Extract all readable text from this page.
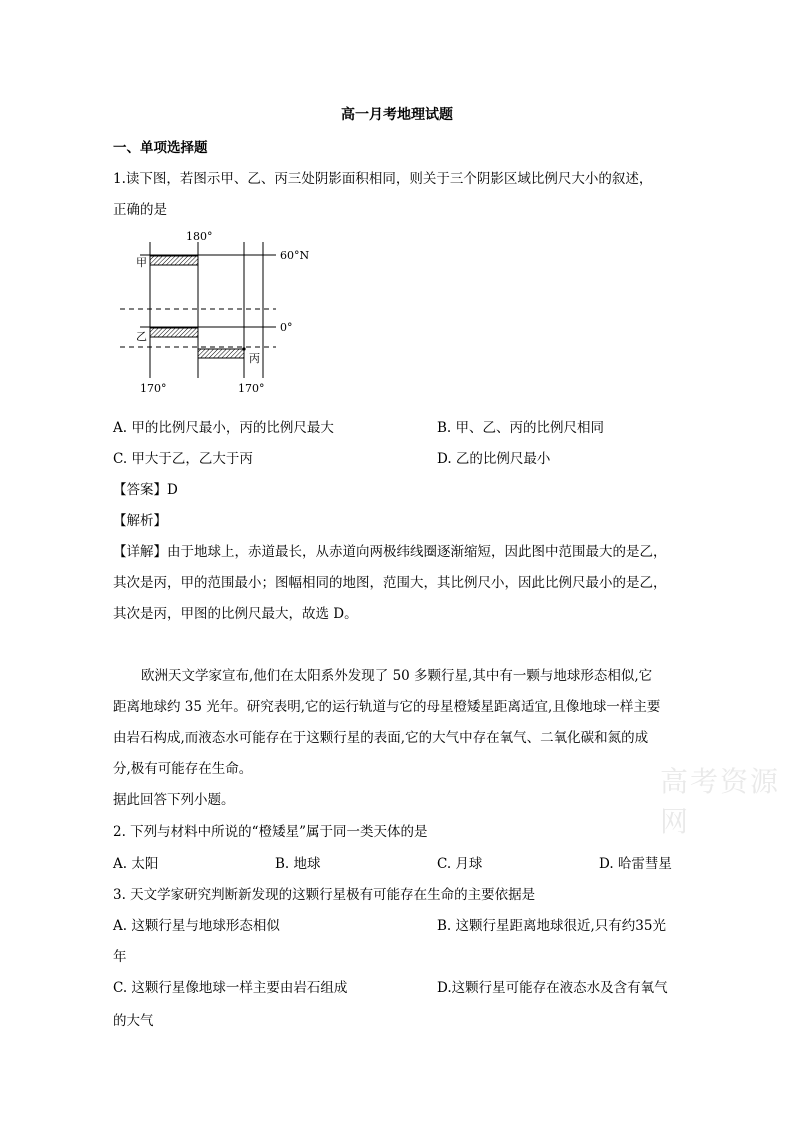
高一月考地理试题
一、单项选择题
1.读下图，若图示甲、乙、丙三处阴影面积相同，则关于三个阴影区域比例尺大小的叙述，
正确的是
180°
60°N
0°
甲
乙
丙
170°	170°
A. 甲的比例尺最小，丙的比例尺最大	B. 甲、乙、丙的比例尺相同
C. 甲大于乙，乙大于丙	D. 乙的比例尺最小
【答案】D
【解析】
【详解】由于地球上，赤道最长，从赤道向两极纬线圈逐渐缩短，因此图中范围最大的是乙，
其次是丙，甲的范围最小；图幅相同的地图，范围大，其比例尺小，因此比例尺最小的是乙，
其次是丙，甲图的比例尺最大，故选 D。
欧洲天文学家宣布,他们在太阳系外发现了 50 多颗行星,其中有一颗与地球形态相似,它
距离地球约 35 光年。研究表明,它的运行轨道与它的母星橙矮星距离适宜,且像地球一样主要
由岩石构成,而液态水可能存在于这颗行星的表面,它的大气中存在氧气、二氧化碳和氮的成
分,极有可能存在生命。
据此回答下列小题。
高考资源网
2. 下列与材料中所说的“橙矮星”属于同一类天体的是
A. 太阳	B. 地球	C. 月球	D. 哈雷彗星
3. 天文学家研究判断新发现的这颗行星极有可能存在生命的主要依据是
A. 这颗行星与地球形态相似	B. 这颗行星距离地球很近,只有约35光
年
C. 这颗行星像地球一样主要由岩石组成	D.这颗行星可能存在液态水及含有氧气
的大气
